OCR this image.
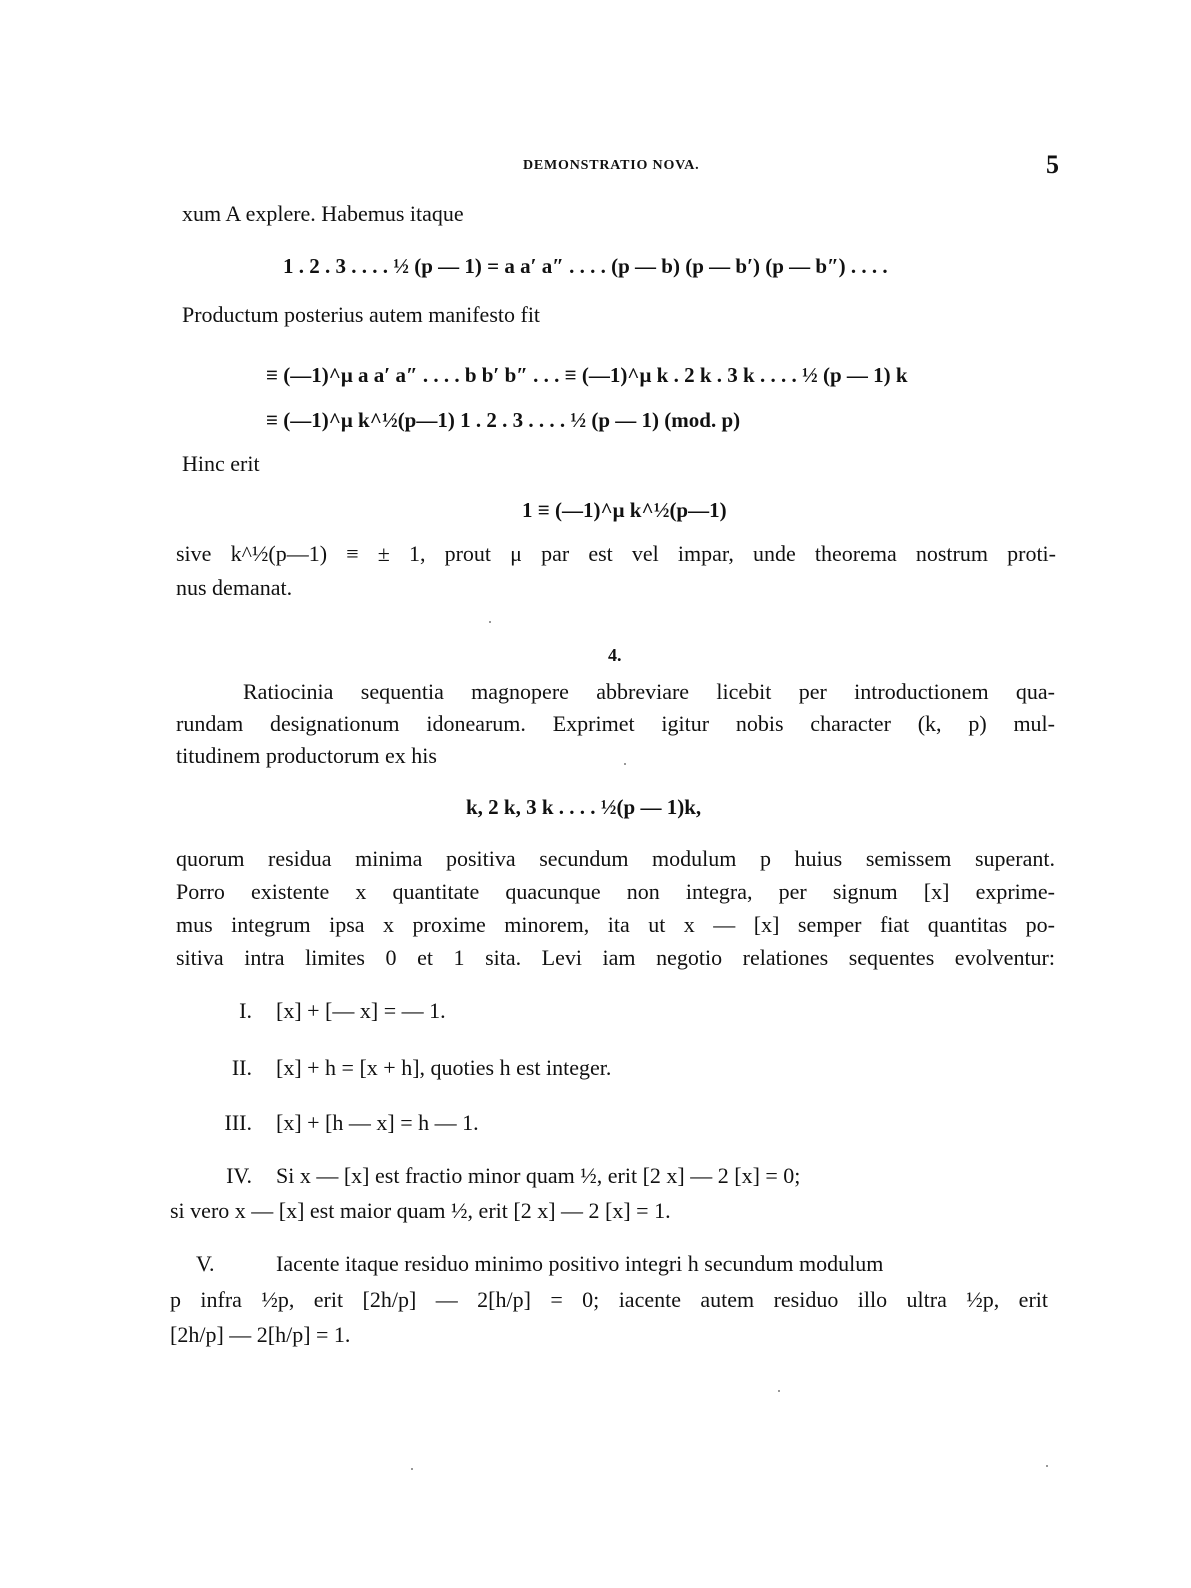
DEMONSTRATIO NOVA.	5
xum A explere. Habemus itaque
1 . 2 . 3 . . . . ½ (p — 1) = a a′ a″ . . . . (p — b) (p — b′) (p — b″) . . . .
Productum posterius autem manifesto fit
≡ (—1)^μ a a′ a″ . . . . b b′ b″ . . . ≡ (—1)^μ k . 2 k . 3 k . . . . ½ (p — 1) k
≡ (—1)^μ k^½(p—1) 1 . 2 . 3 . . . . ½ (p — 1) (mod. p)
Hinc erit
1 ≡ (—1)^μ k^½(p—1)
sive k^½(p—1) ≡ ± 1, prout μ par est vel impar, unde theorema nostrum proti-
nus demanat.
4.
Ratiocinia sequentia magnopere abbreviare licebit per introductionem qua-
rundam designationum idonearum. Exprimet igitur nobis character (k, p) mul-
titudinem productorum ex his
k, 2 k, 3 k . . . . ½(p — 1)k,
quorum residua minima positiva secundum modulum p huius semissem superant.
Porro existente x quantitate quacunque non integra, per signum [x] exprime-
mus integrum ipsa x proxime minorem, ita ut x — [x] semper fiat quantitas po-
sitiva intra limites 0 et 1 sita. Levi iam negotio relationes sequentes evolventur:
I. [x] + [— x] = — 1.
II. [x] + h = [x + h], quoties h est integer.
III. [x] + [h — x] = h — 1.
IV. Si x — [x] est fractio minor quam ½, erit [2 x] — 2 [x] = 0;
si vero x — [x] est maior quam ½, erit [2 x] — 2 [x] = 1.
V.	Iacente itaque residuo minimo positivo integri h secundum modulum
p infra ½p, erit [2h/p] — 2[h/p] = 0; iacente autem residuo illo ultra ½p, erit
[2h/p] — 2[h/p] = 1.
